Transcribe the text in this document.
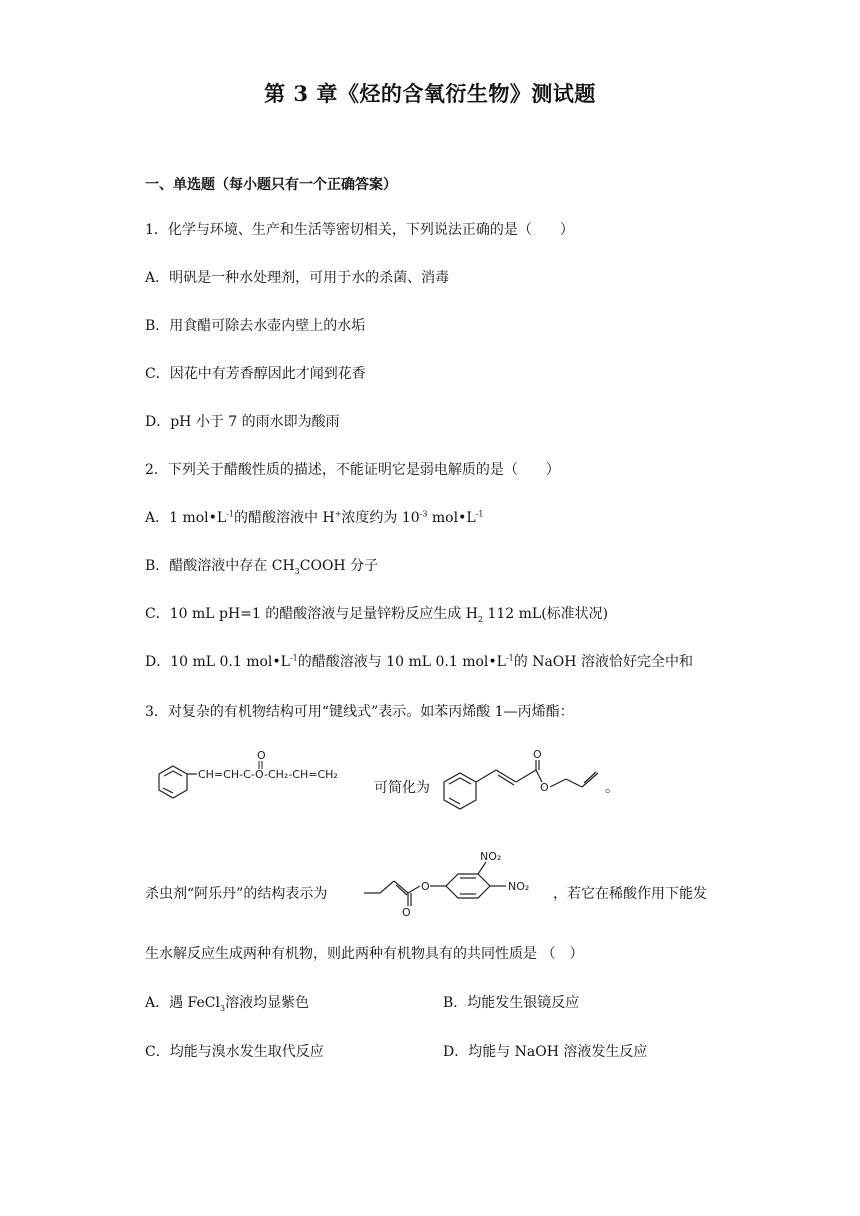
第 3 章《烃的含氧衍生物》测试题
一、单选题（每小题只有一个正确答案）
1．化学与环境、生产和生活等密切相关，下列说法正确的是（　　）
A．明矾是一种水处理剂，可用于水的杀菌、消毒
B．用食醋可除去水壶内壁上的水垢
C．因花中有芳香醇因此才闻到花香
D．pH 小于 7 的雨水即为酸雨
2．下列关于醋酸性质的描述，不能证明它是弱电解质的是（　　）
A．1 $mol•L^{-1}$的醋酸溶液中 H+浓度约为 $10^{-3}$ $mol•L^{-1}$
B．醋酸溶液中存在 $CH_3COOH$ 分子
C．10 mL pH=1 的醋酸溶液与足量锌粉反应生成 $H_2$ 112 mL(标准状况)
D．10 mL 0.1 $mol•L^{-1}$的醋酸溶液与 10 mL 0.1 $mol•L^{-1}$的 NaOH 溶液恰好完全中和
3．对复杂的有机物结构可用“键线式”表示。如苯丙烯酸 1—丙烯酯：
CH=CH-C-O-CH₂-CH=CH₂
O
可简化为
O
O	。
杀虫剂“阿乐丹”的结构表示为
O
O
NO₂
NO₂ ，若它在稀酸作用下能发
生水解反应生成两种有机物，则此两种有机物具有的共同性质是 （　）
A．遇 FeCl$_3$溶液均显紫色	B．均能发生银镜反应
C．均能与溴水发生取代反应	D．均能与 NaOH 溶液发生反应
